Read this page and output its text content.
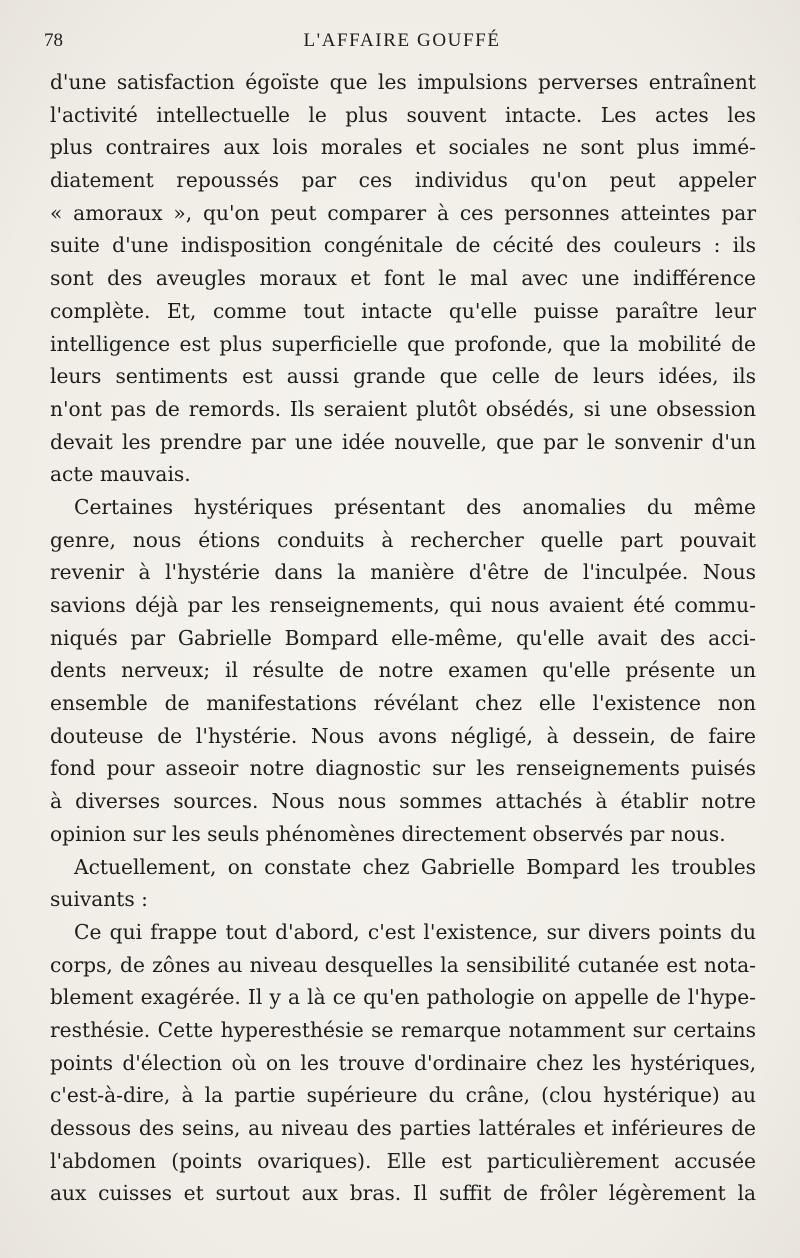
78	L'AFFAIRE GOUFFÉ
d'une satisfaction égoïste que les impulsions perverses entraînent
l'activité intellectuelle le plus souvent intacte. Les actes les
plus contraires aux lois morales et sociales ne sont plus immé-
diatement repoussés par ces individus qu'on peut appeler
« amoraux », qu'on peut comparer à ces personnes atteintes par
suite d'une indisposition congénitale de cécité des couleurs : ils
sont des aveugles moraux et font le mal avec une indifférence
complète. Et, comme tout intacte qu'elle puisse paraître leur
intelligence est plus superficielle que profonde, que la mobilité de
leurs sentiments est aussi grande que celle de leurs idées, ils
n'ont pas de remords. Ils seraient plutôt obsédés, si une obsession
devait les prendre par une idée nouvelle, que par le sonvenir d'un
acte mauvais.
Certaines hystériques présentant des anomalies du même
genre, nous étions conduits à rechercher quelle part pouvait
revenir à l'hystérie dans la manière d'être de l'inculpée. Nous
savions déjà par les renseignements, qui nous avaient été commu-
niqués par Gabrielle Bompard elle-même, qu'elle avait des acci-
dents nerveux; il résulte de notre examen qu'elle présente un
ensemble de manifestations révélant chez elle l'existence non
douteuse de l'hystérie. Nous avons négligé, à dessein, de faire
fond pour asseoir notre diagnostic sur les renseignements puisés
à diverses sources. Nous nous sommes attachés à établir notre
opinion sur les seuls phénomènes directement observés par nous.
Actuellement, on constate chez Gabrielle Bompard les troubles
suivants :
Ce qui frappe tout d'abord, c'est l'existence, sur divers points du
corps, de zônes au niveau desquelles la sensibilité cutanée est nota-
blement exagérée. Il y a là ce qu'en pathologie on appelle de l'hype-
resthésie. Cette hyperesthésie se remarque notamment sur certains
points d'élection où on les trouve d'ordinaire chez les hystériques,
c'est-à-dire, à la partie supérieure du crâne, (clou hystérique) au
dessous des seins, au niveau des parties lattérales et inférieures de
l'abdomen (points ovariques). Elle est particulièrement accusée
aux cuisses et surtout aux bras. Il suffit de frôler légèrement la
